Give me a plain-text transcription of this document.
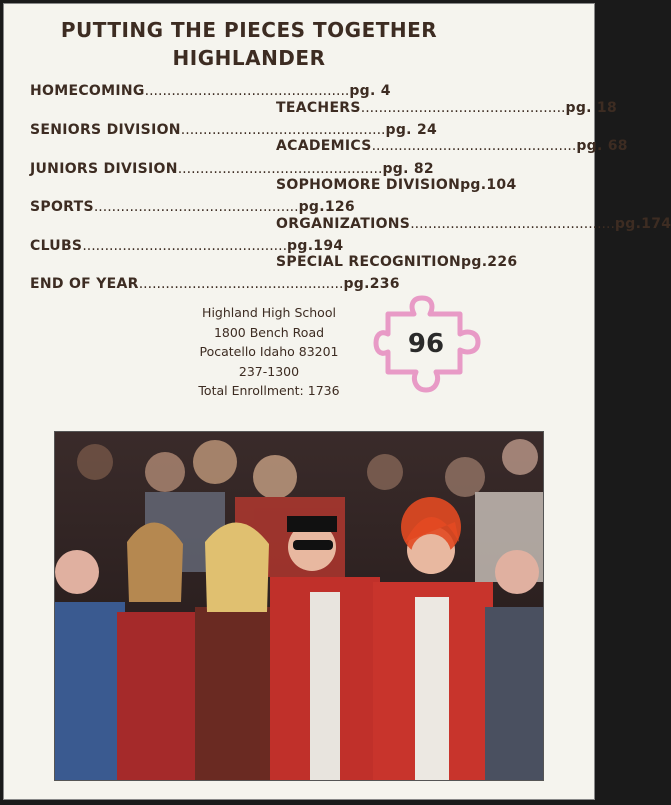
PUTTING THE PIECES TOGETHER
HIGHLANDER
HOMECOMING .............................................. pg. 4
SENIORS DIVISION .............................................. pg. 24
JUNIORS DIVISION .............................................. pg. 82
SPORTS .............................................. pg.126
CLUBS .............................................. pg.194
END OF YEAR .............................................. pg.236
TEACHERS .............................................. pg. 18
ACADEMICS .............................................. pg. 68
SOPHOMORE DIVISION pg.104
ORGANIZATIONS .............................................. pg.174
SPECIAL RECOGNITION pg.226
Highland High School
1800 Bench Road
Pocatello Idaho 83201
237-1300
Total Enrollment: 1736
96
